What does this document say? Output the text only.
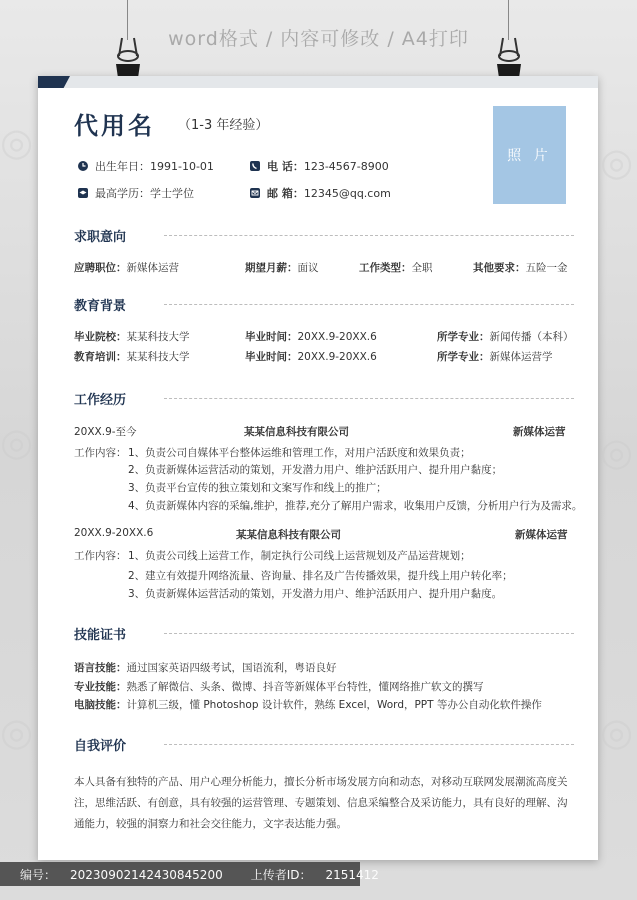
word格式 / 内容可修改 / A4打印
代用名 （1-3 年经验）
照 片
出生年日： 1991-10-01	电 话： 123-4567-8900
最高学历： 学士学位	邮 箱： 12345@qq.com
求职意向
应聘职位：新媒体运营	期望月薪：面议	工作类型：全职	其他要求：五险一金
教育背景
毕业院校：某某科技大学	毕业时间：20XX.9-20XX.6	所学专业：新闻传播（本科）
教育培训：某某科技大学	毕业时间：20XX.9-20XX.6	所学专业：新媒体运营学
工作经历
20XX.9-至今	某某信息科技有限公司	新媒体运营
工作内容： 1、负责公司自媒体平台整体运维和管理工作，对用户活跃度和效果负责；
2、负责新媒体运营活动的策划，开发潜力用户、维护活跃用户、提升用户黏度；
3、负责平台宣传的独立策划和文案写作和线上的推广；
4、负责新媒体内容的采编,维护，推荐,充分了解用户需求，收集用户反馈，分析用户行为及需求。
20XX.9-20XX.6	某某信息科技有限公司	新媒体运营
工作内容： 1、负责公司线上运营工作，制定执行公司线上运营规划及产品运营规划；
2、建立有效提升网络流量、咨询量、排名及广告传播效果，提升线上用户转化率；
3、负责新媒体运营活动的策划，开发潜力用户、维护活跃用户、提升用户黏度。
技能证书
语言技能：通过国家英语四级考试，国语流利，粤语良好
专业技能：熟悉了解微信、头条、微博、抖音等新媒体平台特性，懂网络推广软文的撰写
电脑技能：计算机三级，懂 Photoshop 设计软件，熟练 Excel，Word，PPT 等办公自动化软件操作
自我评价
本人具备有独特的产品、用户心理分析能力，擅长分析市场发展方向和动态，对移动互联网发展潮流高度关注，思维活跃、有创意，具有较强的运营管理、专题策划、信息采编整合及采访能力，具有良好的理解、沟通能力，较强的洞察力和社会交往能力，文字表达能力强。
◎	◎
◎	◎
◎	◎
编号： 20230902142430845200	上传者ID： 2151412
